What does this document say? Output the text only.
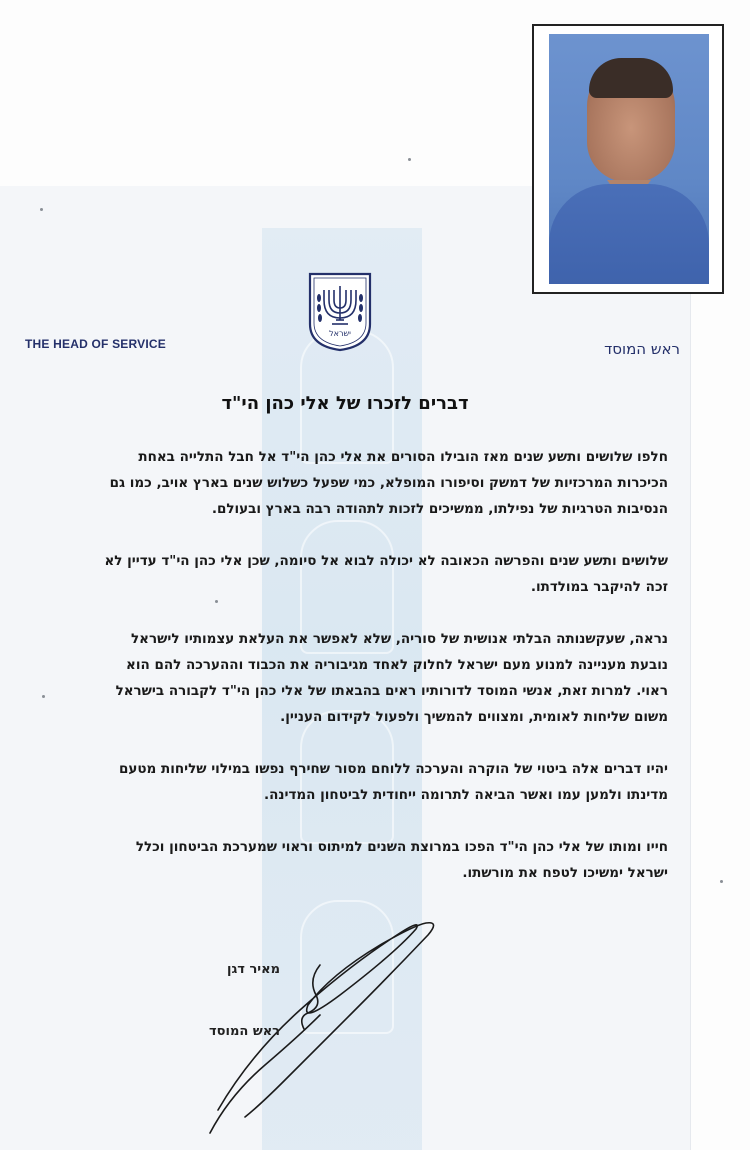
ישראל
THE HEAD OF SERVICE	ראש המוסד
דברים לזכרו של אלי כהן הי"ד

חלפו שלושים ותשע שנים מאז הובילו הסורים את אלי כהן הי"ד אל חבל התלייה באחת
הכיכרות המרכזיות של דמשק וסיפורו המופלא, כמי שפעל כשלוש שנים בארץ אויב, כמו גם
הנסיבות הטרגיות של נפילתו, ממשיכים לזכות לתהודה רבה בארץ ובעולם.

שלושים ותשע שנים והפרשה הכאובה לא יכולה לבוא אל סיומה, שכן אלי כהן הי"ד עדיין לא
זכה להיקבר במולדתו.

נראה, שעקשנותה הבלתי אנושית של סוריה, שלא לאפשר את העלאת עצמותיו לישראל
נובעת מעניינה למנוע מעם ישראל לחלוק לאחד מגיבוריה את הכבוד וההערכה להם הוא
ראוי. למרות זאת, אנשי המוסד לדורותיו ראים בהבאתו של אלי כהן הי"ד לקבורה בישראל
משום שליחות לאומית, ומצווים להמשיך ולפעול לקידום העניין.

יהיו דברים אלה ביטוי של הוקרה והערכה ללוחם מסור שחירף נפשו במילוי שליחות מטעם
מדינתו ולמען עמו ואשר הביאה לתרומה ייחודית לביטחון המדינה.

חייו ומותו של אלי כהן הי"ד הפכו במרוצת השנים למיתוס וראוי שמערכת הביטחון וכלל
ישראל ימשיכו לטפח את מורשתו.

מאיר דגן
ראש המוסד
